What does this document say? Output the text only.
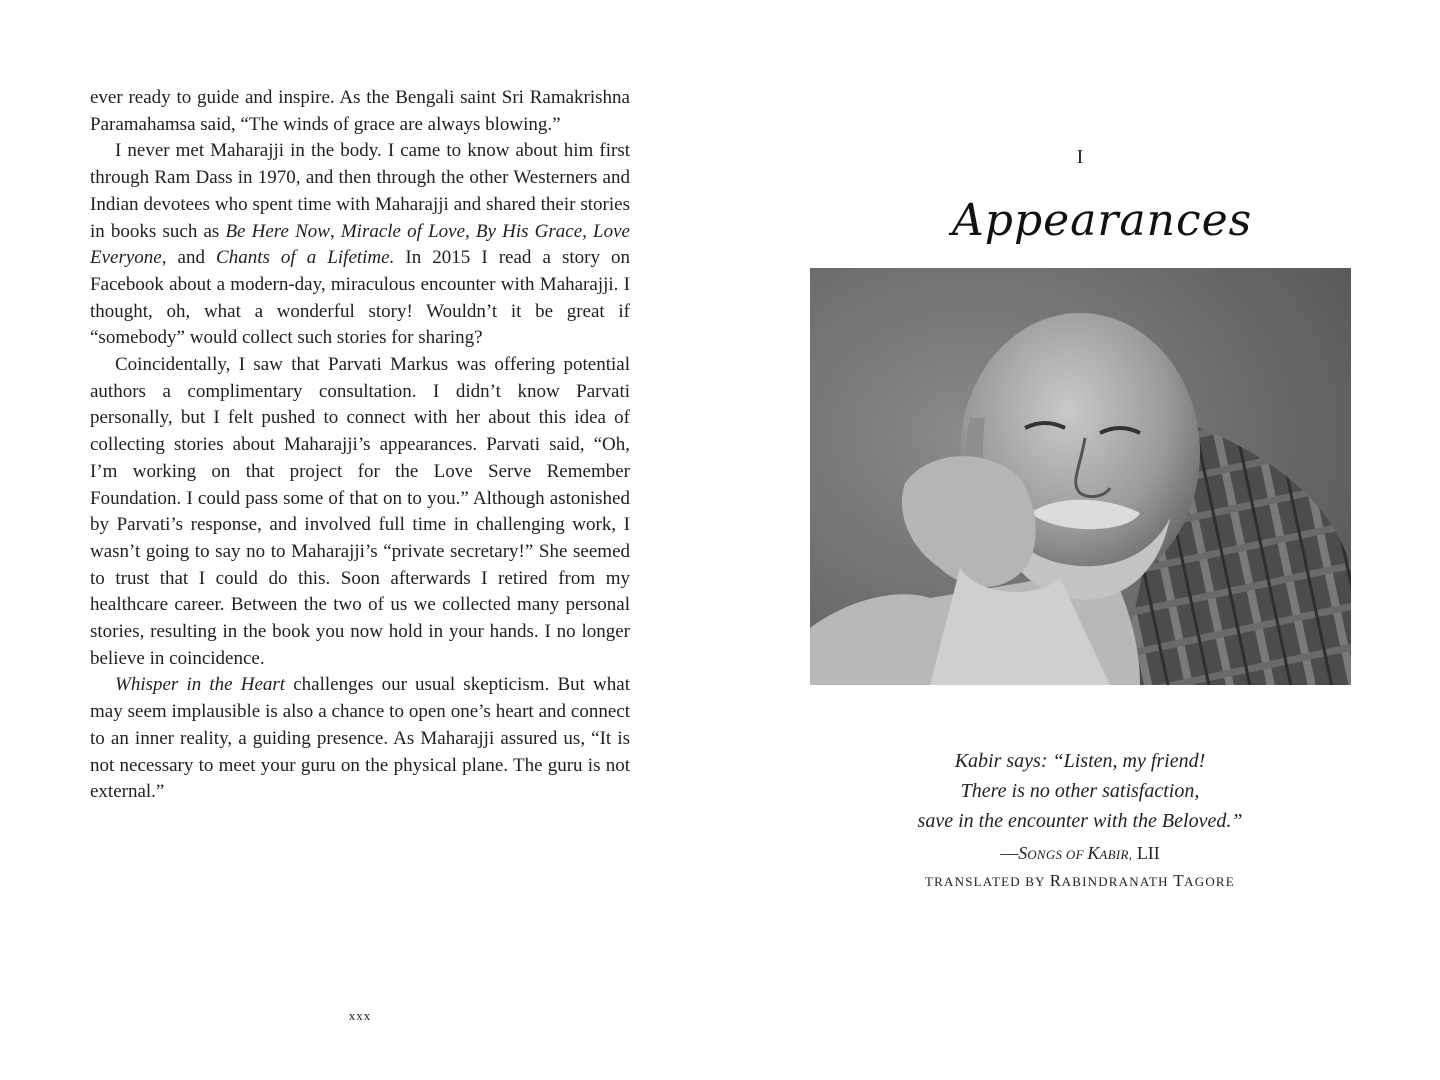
ever ready to guide and inspire. As the Bengali saint Sri Ramakrishna Paramahamsa said, “The winds of grace are always blowing.”

I never met Maharajji in the body. I came to know about him first through Ram Dass in 1970, and then through the other Westerners and Indian devotees who spent time with Maharajji and shared their stories in books such as Be Here Now, Miracle of Love, By His Grace, Love Everyone, and Chants of a Lifetime. In 2015 I read a story on Facebook about a modern-day, miraculous encounter with Maharajji. I thought, oh, what a wonderful story! Wouldn’t it be great if “somebody” would collect such stories for sharing?

Coincidentally, I saw that Parvati Markus was offering potential authors a complimentary consultation. I didn’t know Parvati personally, but I felt pushed to connect with her about this idea of collecting stories about Maharajji’s appearances. Parvati said, “Oh, I’m working on that project for the Love Serve Remember Foundation. I could pass some of that on to you.” Although astonished by Parvati’s response, and involved full time in challenging work, I wasn’t going to say no to Maharajji’s “private secretary!” She seemed to trust that I could do this. Soon afterwards I retired from my healthcare career. Between the two of us we collected many personal stories, resulting in the book you now hold in your hands. I no longer believe in coincidence.

Whisper in the Heart challenges our usual skepticism. But what may seem implausible is also a chance to open one’s heart and connect to an inner reality, a guiding presence. As Maharajji assured us, “It is not necessary to meet your guru on the physical plane. The guru is not external.”

xxx
I
Appearances
Kabir says: “Listen, my friend!
There is no other satisfaction,
save in the encounter with the Beloved.”
—SONGS OF KABIR, LII
TRANSLATED BY RABINDRANATH TAGORE
